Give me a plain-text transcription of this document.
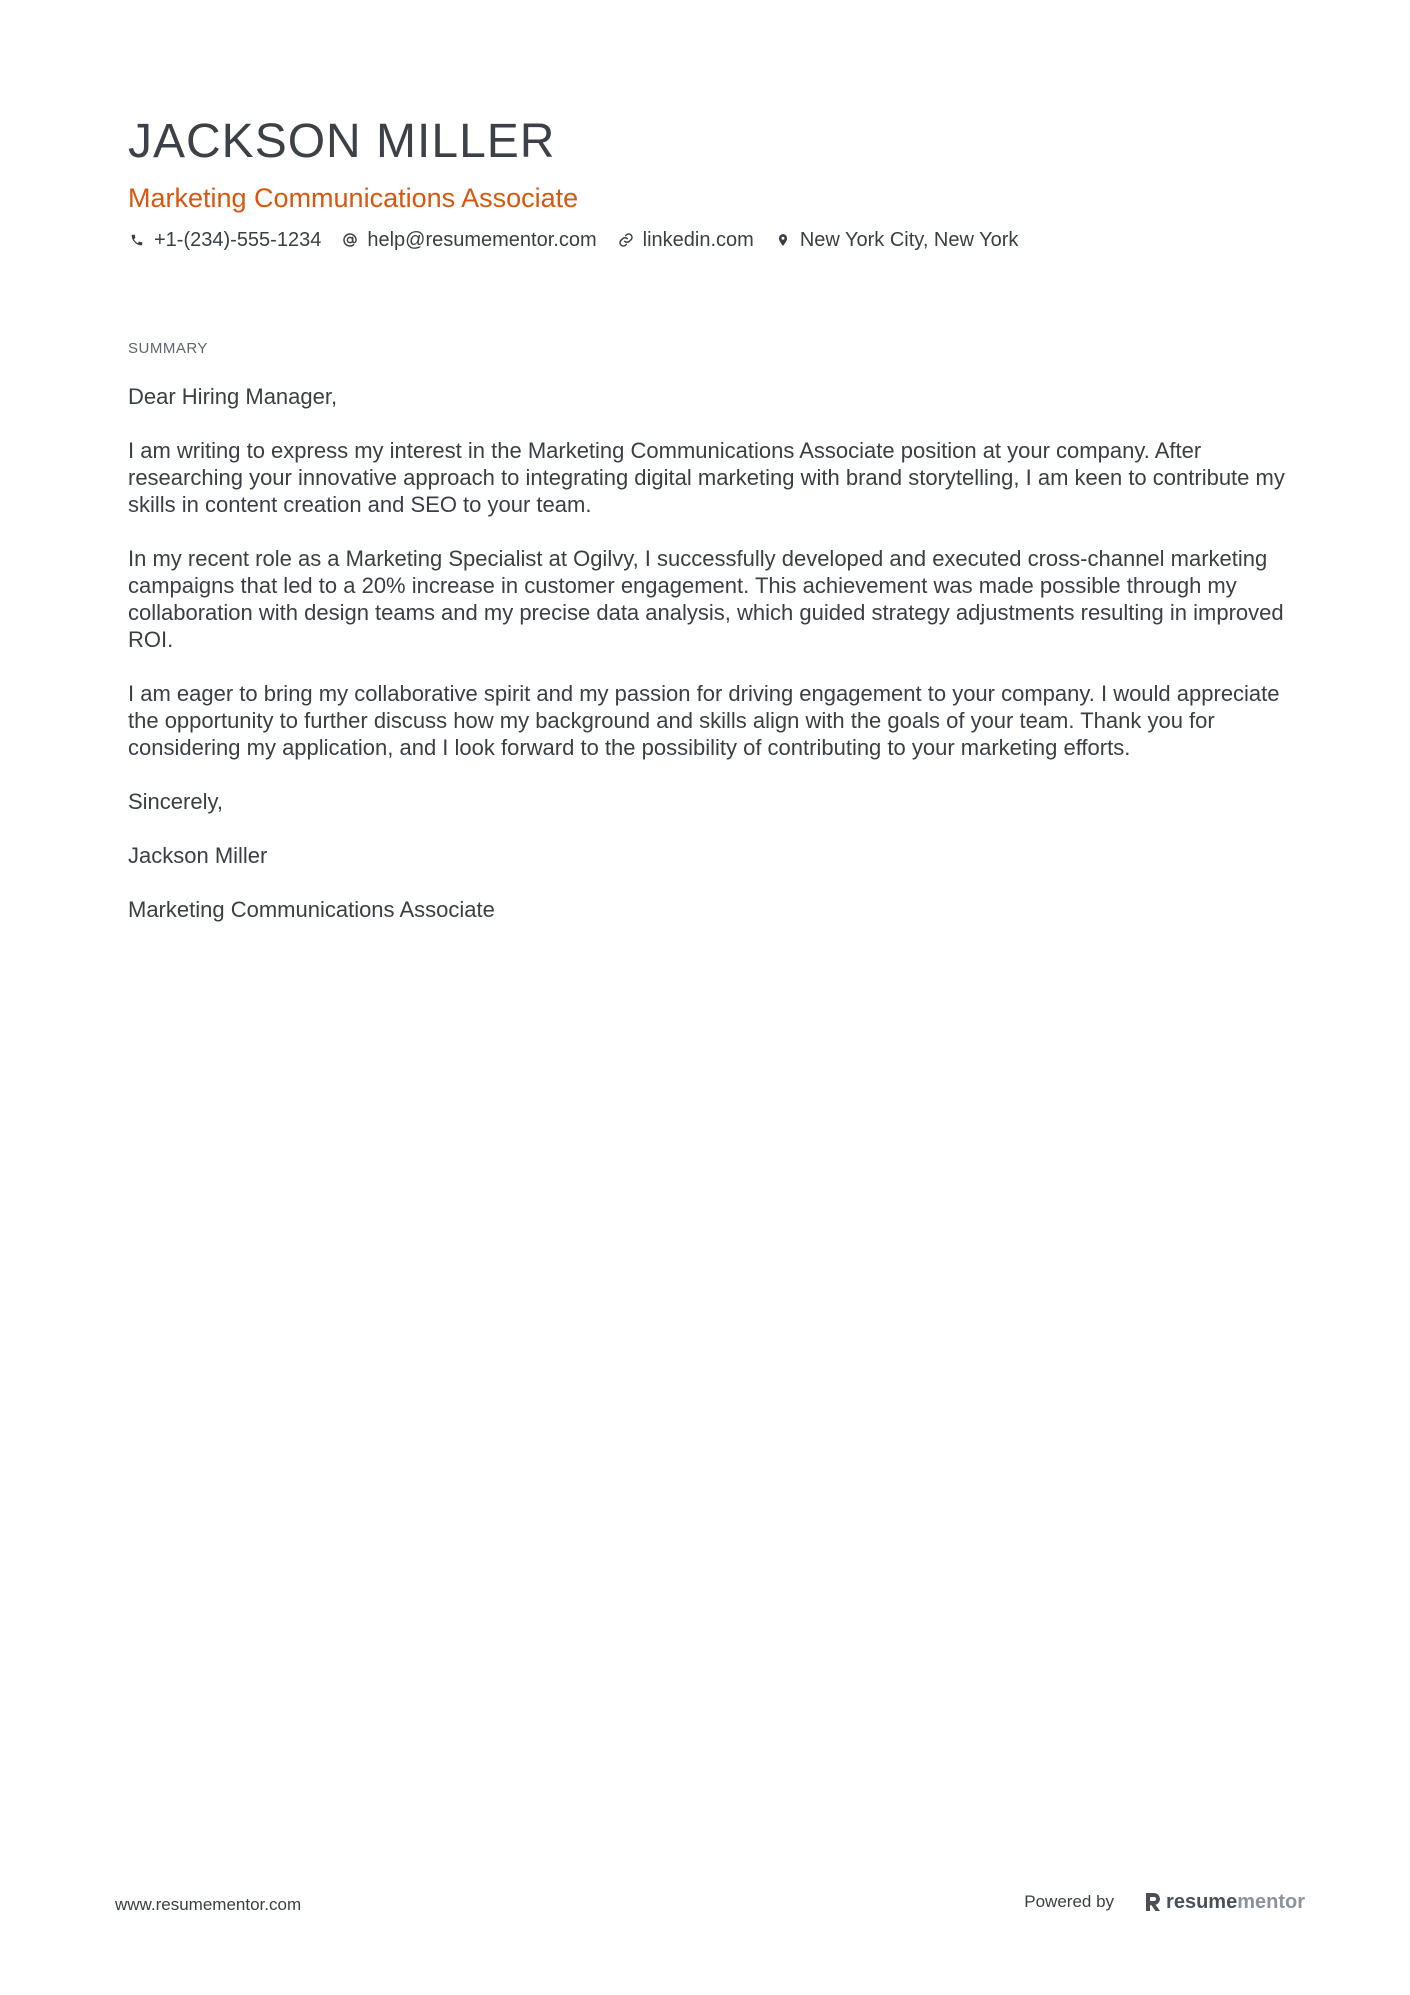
JACKSON MILLER
Marketing Communications Associate
+1-(234)-555-1234 help@resumementor.com linkedin.com New York City, New York
SUMMARY

Dear Hiring Manager,

I am writing to express my interest in the Marketing Communications Associate position at your company. After researching your innovative approach to integrating digital marketing with brand storytelling, I am keen to contribute my skills in content creation and SEO to your team.

In my recent role as a Marketing Specialist at Ogilvy, I successfully developed and executed cross-channel marketing campaigns that led to a 20% increase in customer engagement. This achievement was made possible through my collaboration with design teams and my precise data analysis, which guided strategy adjustments resulting in improved ROI.

I am eager to bring my collaborative spirit and my passion for driving engagement to your company. I would appreciate the opportunity to further discuss how my background and skills align with the goals of your team. Thank you for considering my application, and I look forward to the possibility of contributing to your marketing efforts.

Sincerely,

Jackson Miller

Marketing Communications Associate

www.resumementor.com	Powered by	resume mentor
